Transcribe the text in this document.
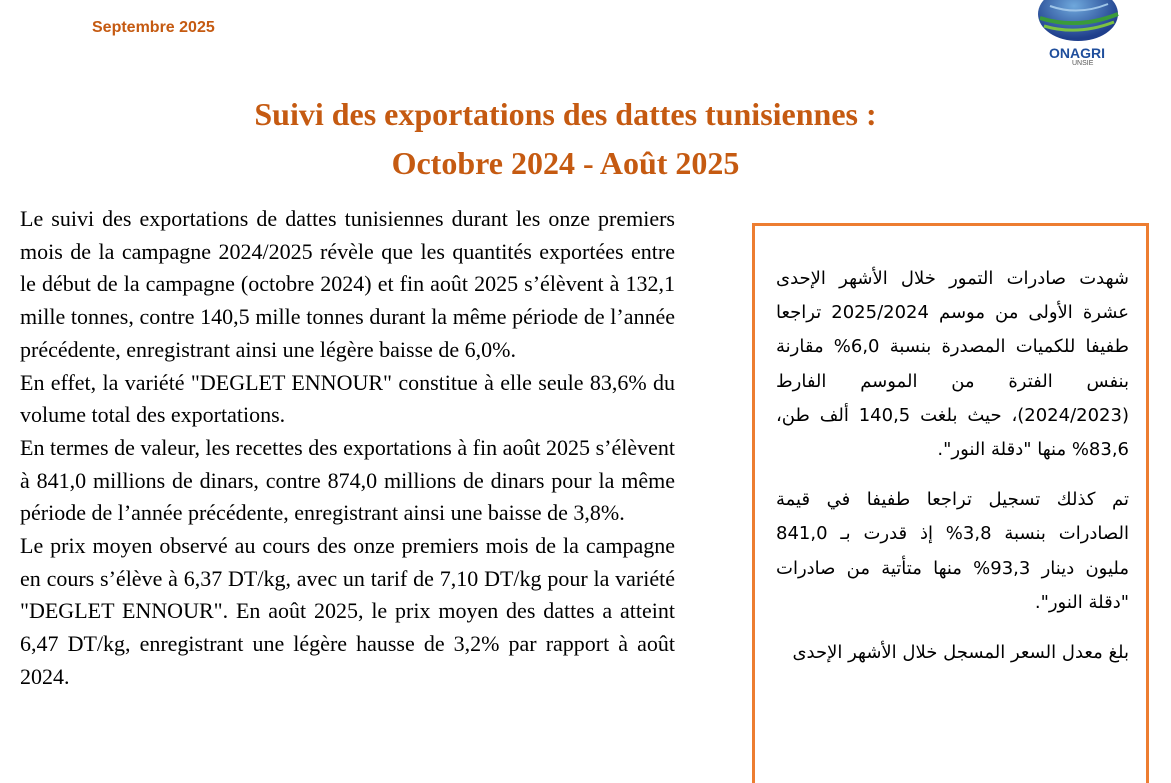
Septembre 2025
ONAGRI
UNSIE
Suivi des exportations des dattes tunisiennes :
Octobre 2024 - Août 2025

Le suivi des exportations de dattes tunisiennes durant les onze premiers mois de la campagne 2024/2025 révèle que les quantités exportées entre le début de la campagne (octobre 2024) et fin août 2025 s’élèvent à 132,1 mille tonnes, contre 140,5 mille tonnes durant la même période de l’année précédente, enregistrant ainsi une légère baisse de 6,0%.

En effet, la variété "DEGLET ENNOUR" constitue à elle seule 83,6% du volume total des exportations.

En termes de valeur, les recettes des exportations à fin août 2025 s’élèvent à 841,0 millions de dinars, contre 874,0 millions de dinars pour la même période de l’année précédente, enregistrant ainsi une baisse de 3,8%.

Le prix moyen observé au cours des onze premiers mois de la campagne en cours s’élève à 6,37 DT/kg, avec un tarif de 7,10 DT/kg pour la variété "DEGLET ENNOUR". En août 2025, le prix moyen des dattes a atteint 6,47 DT/kg, enregistrant une légère hausse de 3,2% par rapport à août 2024.

شهدت صادرات التمور خلال الأشهر الإحدى عشرة الأولى من موسم 2025/2024 تراجعا طفيفا للكميات المصدرة بنسبة 6,0% مقارنة بنفس الفترة من الموسم الفارط (2024/2023)، حيث بلغت 140,5 ألف طن، 83,6% منها "دقلة النور".

تم كذلك تسجيل تراجعا طفيفا في قيمة الصادرات بنسبة 3,8% إذ قدرت بـ 841,0 مليون دينار 93,3% منها متأتية من صادرات "دقلة النور".

بلغ معدل السعر المسجل خلال الأشهر الإحدى
